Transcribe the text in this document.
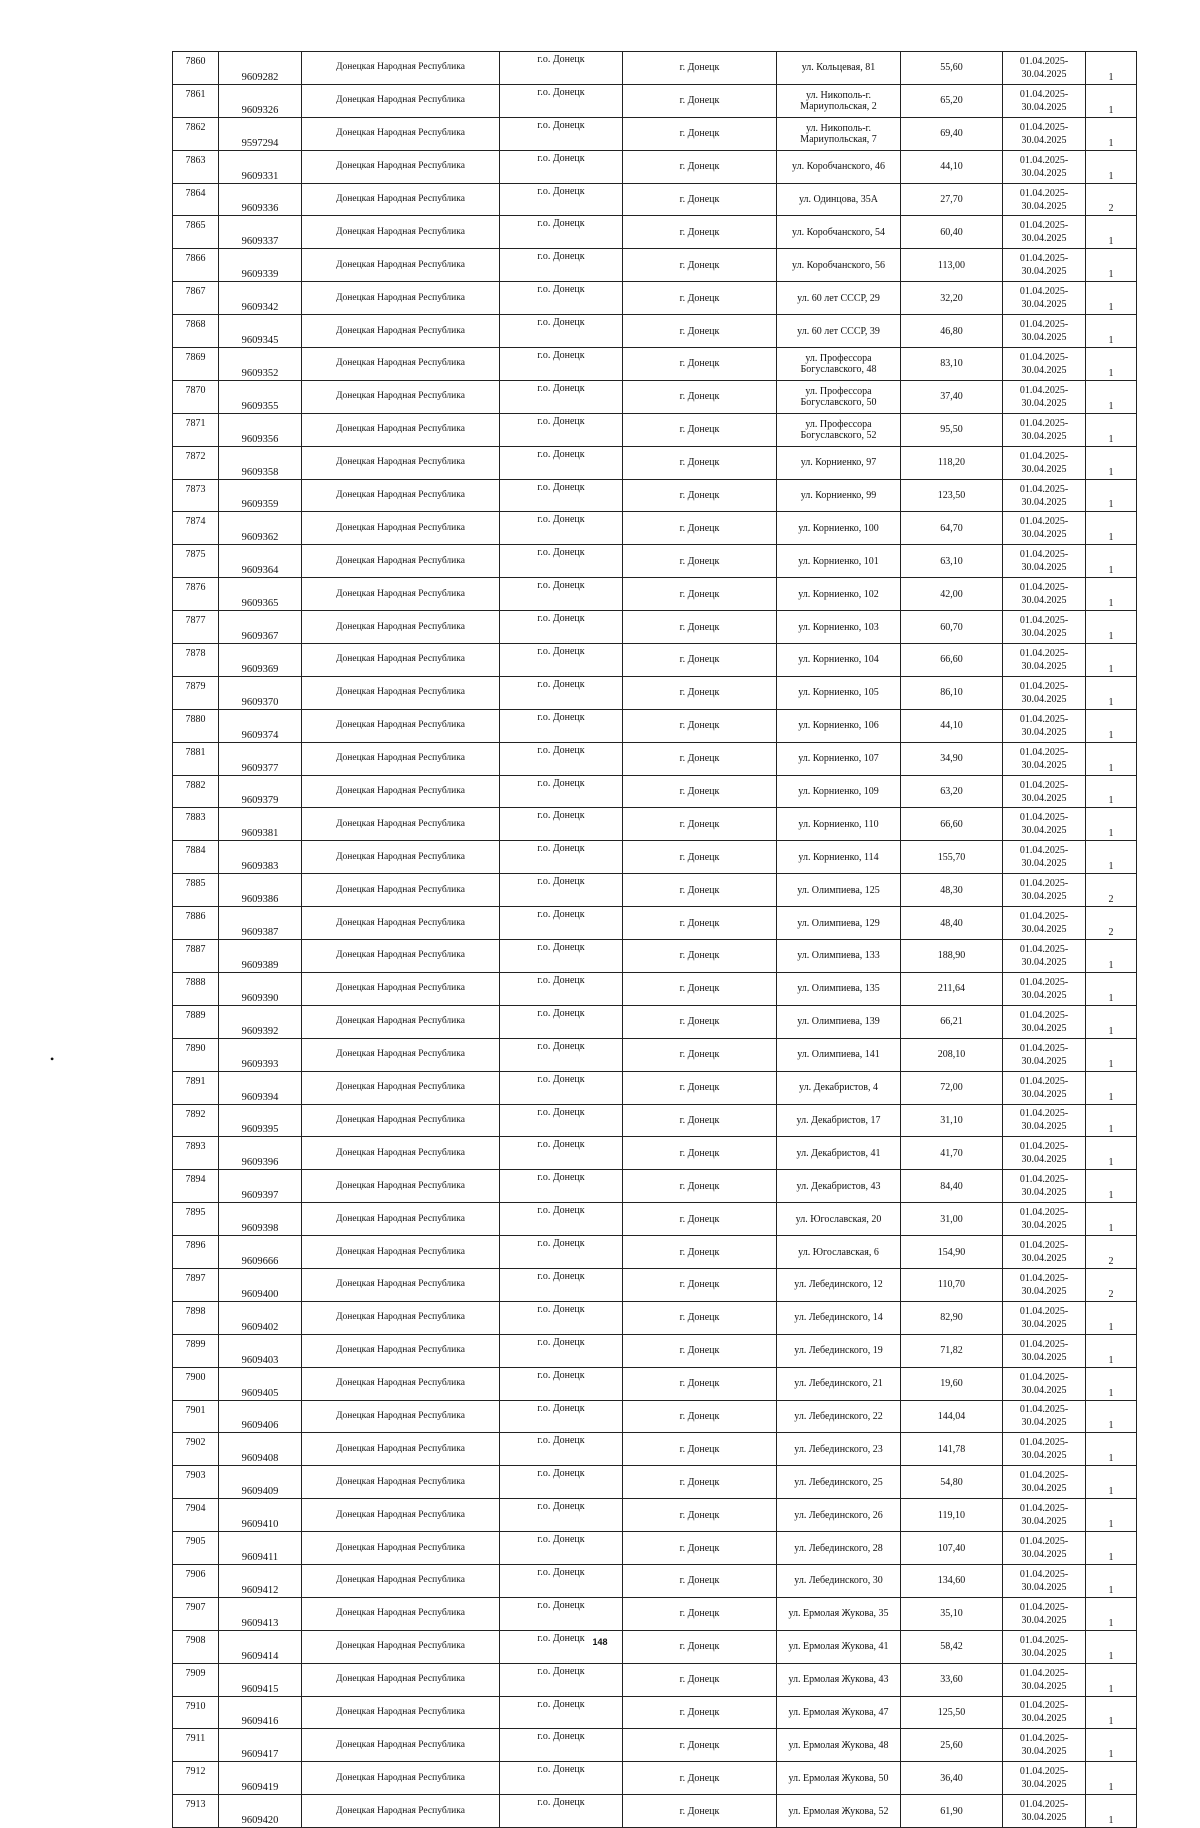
7860	9609282	Донецкая Народная Республика	г.о. Донецк	г. Донецк	ул. Кольцевая, 81	55,60	01.04.2025-
30.04.2025	1
7861	9609326	Донецкая Народная Республика	г.о. Донецк	г. Донецк	ул. Никополь-г.
Мариупольская, 2	65,20	01.04.2025-
30.04.2025	1
7862	9597294	Донецкая Народная Республика	г.о. Донецк	г. Донецк	ул. Никополь-г.
Мариупольская, 7	69,40	01.04.2025-
30.04.2025	1
7863	9609331	Донецкая Народная Республика	г.о. Донецк	г. Донецк	ул. Коробчанского, 46	44,10	01.04.2025-
30.04.2025	1
7864	9609336	Донецкая Народная Республика	г.о. Донецк	г. Донецк	ул. Одинцова, 35А	27,70	01.04.2025-
30.04.2025	2
7865	9609337	Донецкая Народная Республика	г.о. Донецк	г. Донецк	ул. Коробчанского, 54	60,40	01.04.2025-
30.04.2025	1
7866	9609339	Донецкая Народная Республика	г.о. Донецк	г. Донецк	ул. Коробчанского, 56	113,00	01.04.2025-
30.04.2025	1
7867	9609342	Донецкая Народная Республика	г.о. Донецк	г. Донецк	ул. 60 лет СССР, 29	32,20	01.04.2025-
30.04.2025	1
7868	9609345	Донецкая Народная Республика	г.о. Донецк	г. Донецк	ул. 60 лет СССР, 39	46,80	01.04.2025-
30.04.2025	1
7869	9609352	Донецкая Народная Республика	г.о. Донецк	г. Донецк	ул. Профессора
Богуславского, 48	83,10	01.04.2025-
30.04.2025	1
7870	9609355	Донецкая Народная Республика	г.о. Донецк	г. Донецк	ул. Профессора
Богуславского, 50	37,40	01.04.2025-
30.04.2025	1
7871	9609356	Донецкая Народная Республика	г.о. Донецк	г. Донецк	ул. Профессора
Богуславского, 52	95,50	01.04.2025-
30.04.2025	1
7872	9609358	Донецкая Народная Республика	г.о. Донецк	г. Донецк	ул. Корниенко, 97	118,20	01.04.2025-
30.04.2025	1
7873	9609359	Донецкая Народная Республика	г.о. Донецк	г. Донецк	ул. Корниенко, 99	123,50	01.04.2025-
30.04.2025	1
7874	9609362	Донецкая Народная Республика	г.о. Донецк	г. Донецк	ул. Корниенко, 100	64,70	01.04.2025-
30.04.2025	1
7875	9609364	Донецкая Народная Республика	г.о. Донецк	г. Донецк	ул. Корниенко, 101	63,10	01.04.2025-
30.04.2025	1
7876	9609365	Донецкая Народная Республика	г.о. Донецк	г. Донецк	ул. Корниенко, 102	42,00	01.04.2025-
30.04.2025	1
7877	9609367	Донецкая Народная Республика	г.о. Донецк	г. Донецк	ул. Корниенко, 103	60,70	01.04.2025-
30.04.2025	1
7878	9609369	Донецкая Народная Республика	г.о. Донецк	г. Донецк	ул. Корниенко, 104	66,60	01.04.2025-
30.04.2025	1
7879	9609370	Донецкая Народная Республика	г.о. Донецк	г. Донецк	ул. Корниенко, 105	86,10	01.04.2025-
30.04.2025	1
7880	9609374	Донецкая Народная Республика	г.о. Донецк	г. Донецк	ул. Корниенко, 106	44,10	01.04.2025-
30.04.2025	1
7881	9609377	Донецкая Народная Республика	г.о. Донецк	г. Донецк	ул. Корниенко, 107	34,90	01.04.2025-
30.04.2025	1
7882	9609379	Донецкая Народная Республика	г.о. Донецк	г. Донецк	ул. Корниенко, 109	63,20	01.04.2025-
30.04.2025	1
7883	9609381	Донецкая Народная Республика	г.о. Донецк	г. Донецк	ул. Корниенко, 110	66,60	01.04.2025-
30.04.2025	1
7884	9609383	Донецкая Народная Республика	г.о. Донецк	г. Донецк	ул. Корниенко, 114	155,70	01.04.2025-
30.04.2025	1
7885	9609386	Донецкая Народная Республика	г.о. Донецк	г. Донецк	ул. Олимпиева, 125	48,30	01.04.2025-
30.04.2025	2
7886	9609387	Донецкая Народная Республика	г.о. Донецк	г. Донецк	ул. Олимпиева, 129	48,40	01.04.2025-
30.04.2025	2
7887	9609389	Донецкая Народная Республика	г.о. Донецк	г. Донецк	ул. Олимпиева, 133	188,90	01.04.2025-
30.04.2025	1
7888	9609390	Донецкая Народная Республика	г.о. Донецк	г. Донецк	ул. Олимпиева, 135	211,64	01.04.2025-
30.04.2025	1
7889	9609392	Донецкая Народная Республика	г.о. Донецк	г. Донецк	ул. Олимпиева, 139	66,21	01.04.2025-
30.04.2025	1
7890	9609393	Донецкая Народная Республика	г.о. Донецк	г. Донецк	ул. Олимпиева, 141	208,10	01.04.2025-
30.04.2025	1
7891	9609394	Донецкая Народная Республика	г.о. Донецк	г. Донецк	ул. Декабристов, 4	72,00	01.04.2025-
30.04.2025	1
7892	9609395	Донецкая Народная Республика	г.о. Донецк	г. Донецк	ул. Декабристов, 17	31,10	01.04.2025-
30.04.2025	1
7893	9609396	Донецкая Народная Республика	г.о. Донецк	г. Донецк	ул. Декабристов, 41	41,70	01.04.2025-
30.04.2025	1
7894	9609397	Донецкая Народная Республика	г.о. Донецк	г. Донецк	ул. Декабристов, 43	84,40	01.04.2025-
30.04.2025	1
7895	9609398	Донецкая Народная Республика	г.о. Донецк	г. Донецк	ул. Югославская, 20	31,00	01.04.2025-
30.04.2025	1
7896	9609666	Донецкая Народная Республика	г.о. Донецк	г. Донецк	ул. Югославская, 6	154,90	01.04.2025-
30.04.2025	2
7897	9609400	Донецкая Народная Республика	г.о. Донецк	г. Донецк	ул. Лебединского, 12	110,70	01.04.2025-
30.04.2025	2
7898	9609402	Донецкая Народная Республика	г.о. Донецк	г. Донецк	ул. Лебединского, 14	82,90	01.04.2025-
30.04.2025	1
7899	9609403	Донецкая Народная Республика	г.о. Донецк	г. Донецк	ул. Лебединского, 19	71,82	01.04.2025-
30.04.2025	1
7900	9609405	Донецкая Народная Республика	г.о. Донецк	г. Донецк	ул. Лебединского, 21	19,60	01.04.2025-
30.04.2025	1
7901	9609406	Донецкая Народная Республика	г.о. Донецк	г. Донецк	ул. Лебединского, 22	144,04	01.04.2025-
30.04.2025	1
7902	9609408	Донецкая Народная Республика	г.о. Донецк	г. Донецк	ул. Лебединского, 23	141,78	01.04.2025-
30.04.2025	1
7903	9609409	Донецкая Народная Республика	г.о. Донецк	г. Донецк	ул. Лебединского, 25	54,80	01.04.2025-
30.04.2025	1
7904	9609410	Донецкая Народная Республика	г.о. Донецк	г. Донецк	ул. Лебединского, 26	119,10	01.04.2025-
30.04.2025	1
7905	9609411	Донецкая Народная Республика	г.о. Донецк	г. Донецк	ул. Лебединского, 28	107,40	01.04.2025-
30.04.2025	1
7906	9609412	Донецкая Народная Республика	г.о. Донецк	г. Донецк	ул. Лебединского, 30	134,60	01.04.2025-
30.04.2025	1
7907	9609413	Донецкая Народная Республика	г.о. Донецк	г. Донецк	ул. Ермолая Жукова, 35	35,10	01.04.2025-
30.04.2025	1
7908	9609414	Донецкая Народная Республика	г.о. Донецк	г. Донецк	ул. Ермолая Жукова, 41	58,42	01.04.2025-
30.04.2025	1
7909	9609415	Донецкая Народная Республика	г.о. Донецк	г. Донецк	ул. Ермолая Жукова, 43	33,60	01.04.2025-
30.04.2025	1
7910	9609416	Донецкая Народная Республика	г.о. Донецк	г. Донецк	ул. Ермолая Жукова, 47	125,50	01.04.2025-
30.04.2025	1
7911	9609417	Донецкая Народная Республика	г.о. Донецк	г. Донецк	ул. Ермолая Жукова, 48	25,60	01.04.2025-
30.04.2025	1
7912	9609419	Донецкая Народная Республика	г.о. Донецк	г. Донецк	ул. Ермолая Жукова, 50	36,40	01.04.2025-
30.04.2025	1
7913	9609420	Донецкая Народная Республика	г.о. Донецк	г. Донецк	ул. Ермолая Жукова, 52	61,90	01.04.2025-
30.04.2025	1
•
148
